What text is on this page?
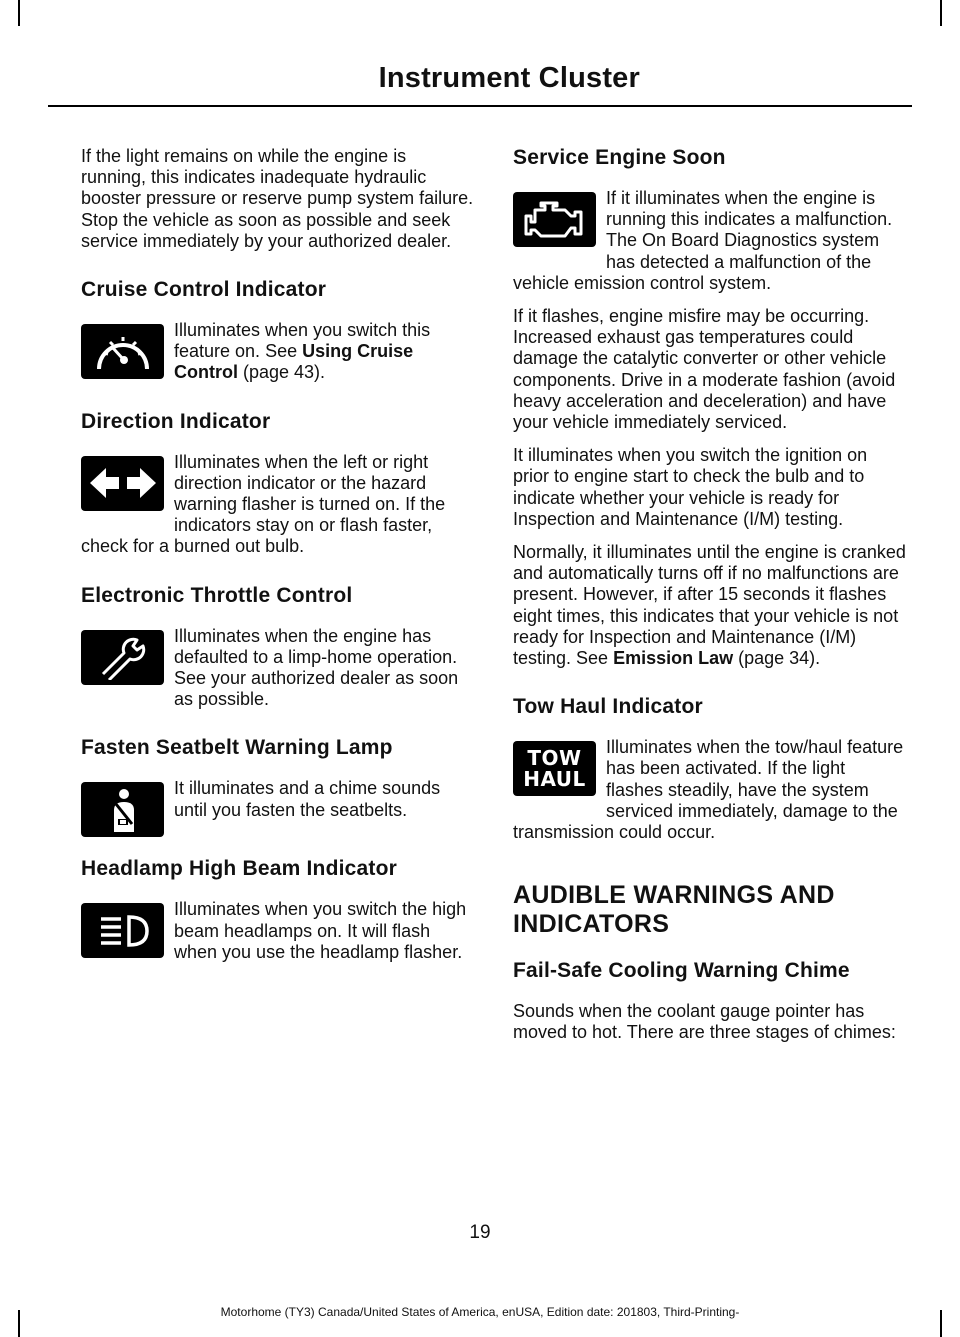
Instrument Cluster

If the light remains on while the engine is running, this indicates inadequate hydraulic booster pressure or reserve pump system failure. Stop the vehicle as soon as possible and seek service immediately by your authorized dealer.

Cruise Control Indicator

Illuminates when you switch this feature on. See Using Cruise Control (page 43).

Direction Indicator

Illuminates when the left or right direction indicator or the hazard warning flasher is turned on. If the indicators stay on or flash faster, check for a burned out bulb.

Electronic Throttle Control

Illuminates when the engine has defaulted to a limp-home operation. See your authorized dealer as soon as possible.

Fasten Seatbelt Warning Lamp

It illuminates and a chime sounds until you fasten the seatbelts.

Headlamp High Beam Indicator

Illuminates when you switch the high beam headlamps on. It will flash when you use the headlamp flasher.

Service Engine Soon

If it illuminates when the engine is running this indicates a malfunction. The On Board Diagnostics system has detected a malfunction of the vehicle emission control system.

If it flashes, engine misfire may be occurring. Increased exhaust gas temperatures could damage the catalytic converter or other vehicle components. Drive in a moderate fashion (avoid heavy acceleration and deceleration) and have your vehicle immediately serviced.

It illuminates when you switch the ignition on prior to engine start to check the bulb and to indicate whether your vehicle is ready for Inspection and Maintenance (I/M) testing.

Normally, it illuminates until the engine is cranked and automatically turns off if no malfunctions are present. However, if after 15 seconds it flashes eight times, this indicates that your vehicle is not ready for Inspection and Maintenance (I/M) testing. See Emission Law (page 34).

Tow Haul Indicator
TOW
HAUL

Illuminates when the tow/haul feature has been activated. If the light flashes steadily, have the system serviced immediately, damage to the transmission could occur.

AUDIBLE WARNINGS AND INDICATORS
Fail-Safe Cooling Warning Chime

Sounds when the coolant gauge pointer has moved to hot. There are three stages of chimes:

19
Motorhome (TY3) Canada/United States of America, enUSA, Edition date: 201803, Third-Printing-
